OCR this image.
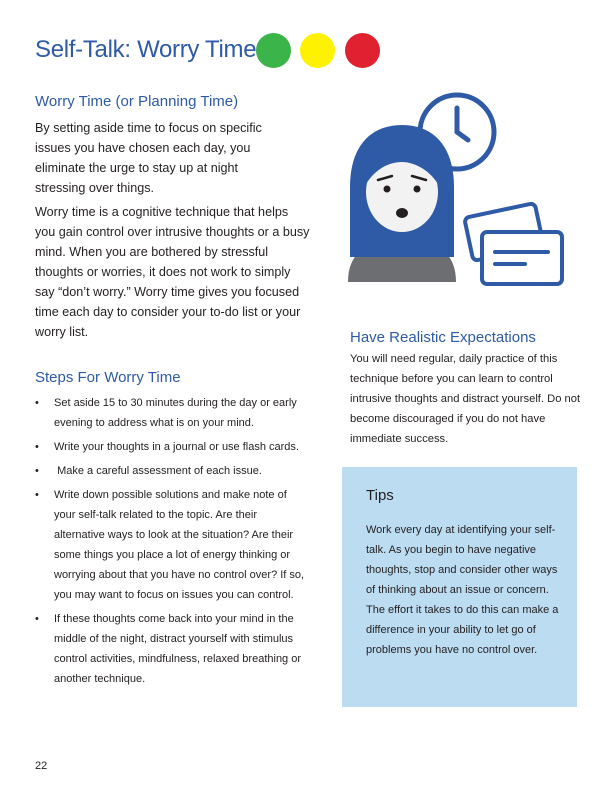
Self-Talk: Worry Time
Worry Time (or Planning Time)

By setting aside time to focus on specific issues you have chosen each day, you eliminate the urge to stay up at night stressing over things.

Worry time is a cognitive technique that helps you gain control over intrusive thoughts or a busy mind. When you are bothered by stressful thoughts or worries, it does not work to simply say “don’t worry.” Worry time gives you focused time each day to consider your to-do list or your worry list.

Steps For Worry Time
• Set aside 15 to 30 minutes during the day or early evening to address what is on your mind.
• Write your thoughts in a journal or use flash cards.
• Make a careful assessment of each issue.
• Write down possible solutions and make note of your self-talk related to the topic. Are their alternative ways to look at the situation? Are their some things you place a lot of energy thinking or worrying about that you have no control over? If so, you may want to focus on issues you can control.
• If these thoughts come back into your mind in the middle of the night, distract yourself with stimulus control activities, mindfulness, relaxed breathing or another technique.
Have Realistic Expectations

You will need regular, daily practice of this technique before you can learn to control intrusive thoughts and distract yourself. Do not become discouraged if you do not have immediate success.

Tips

Work every day at identifying your self-talk. As you begin to have negative thoughts, stop and consider other ways of thinking about an issue or concern. The effort it takes to do this can make a difference in your ability to let go of problems you have no control over.

22
